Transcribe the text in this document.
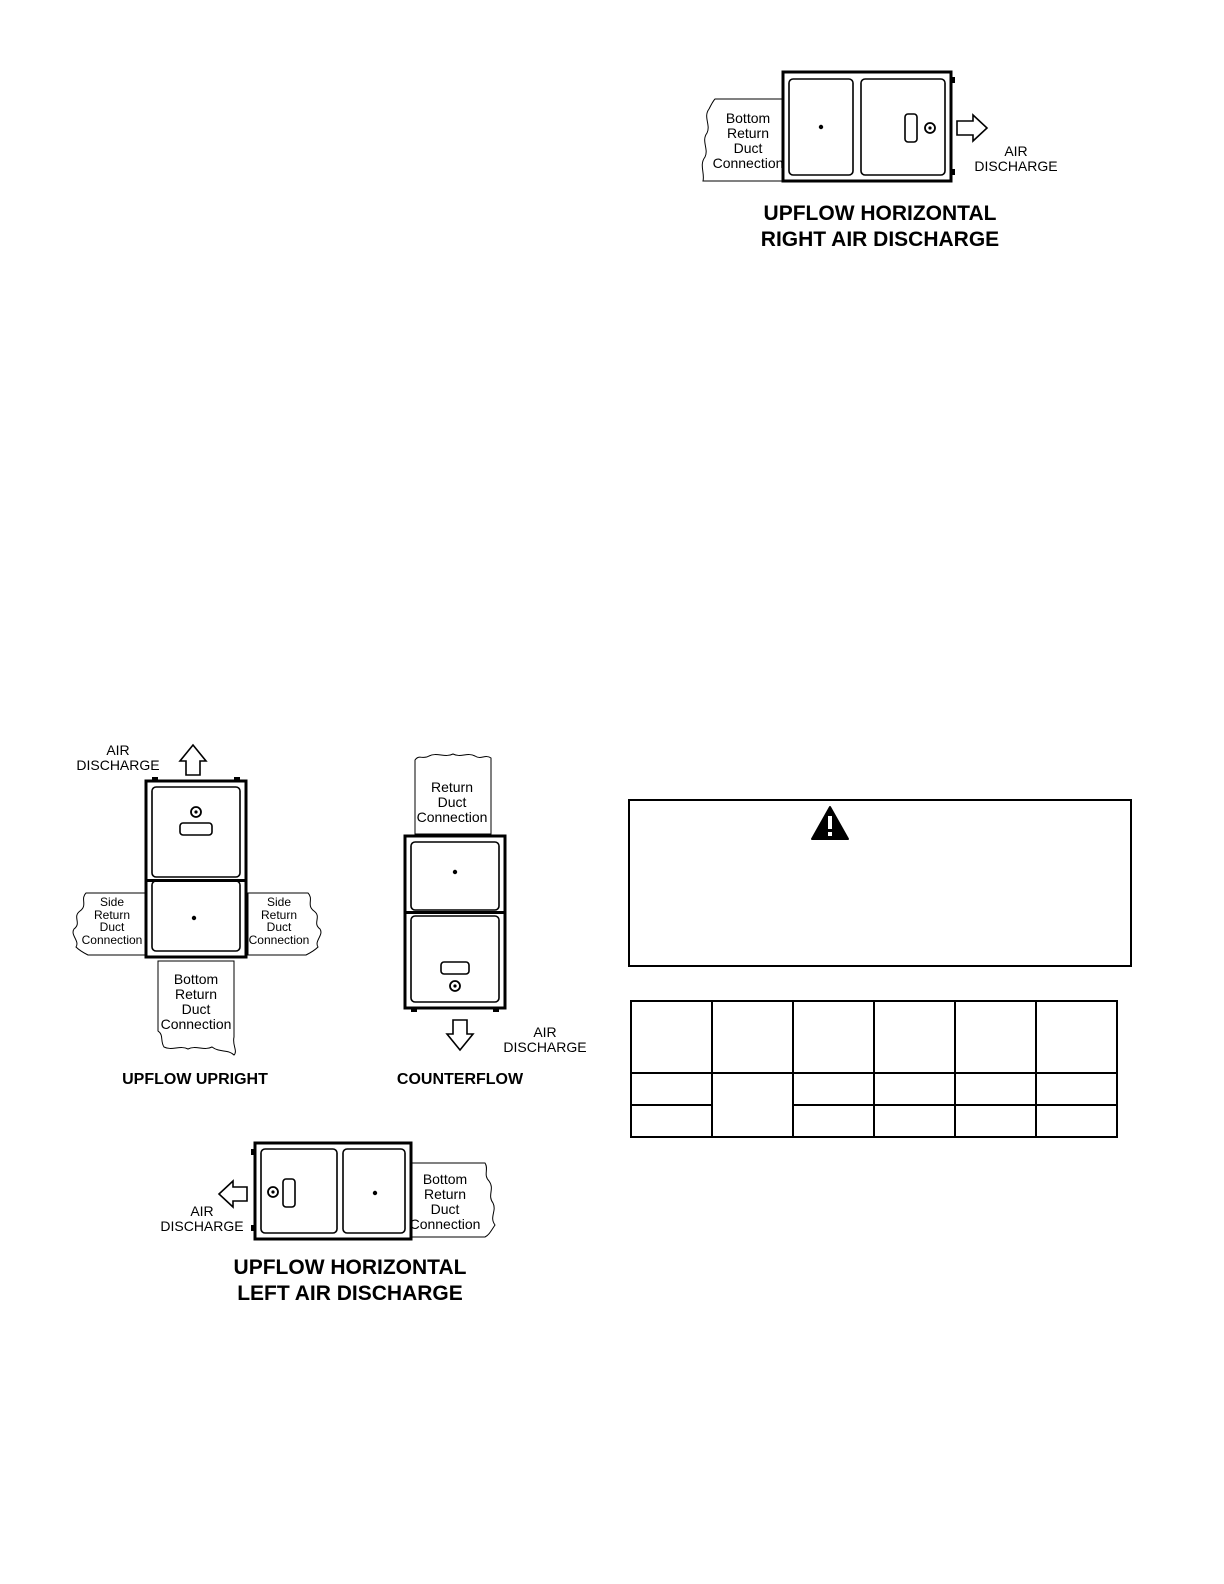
Bottom
Return
Duct
Connection
AIR
DISCHARGE
UPFLOW HORIZONTAL
RIGHT AIR DISCHARGE
AIR
DISCHARGE
Side
Return
Duct
Connection
Side
Return
Duct
Connection
Bottom
Return
Duct
Connection
UPFLOW UPRIGHT
Return
Duct
Connection
AIR
DISCHARGE
COUNTERFLOW
Bottom
Return
Duct
Connection
AIR
DISCHARGE
UPFLOW HORIZONTAL
LEFT AIR DISCHARGE
